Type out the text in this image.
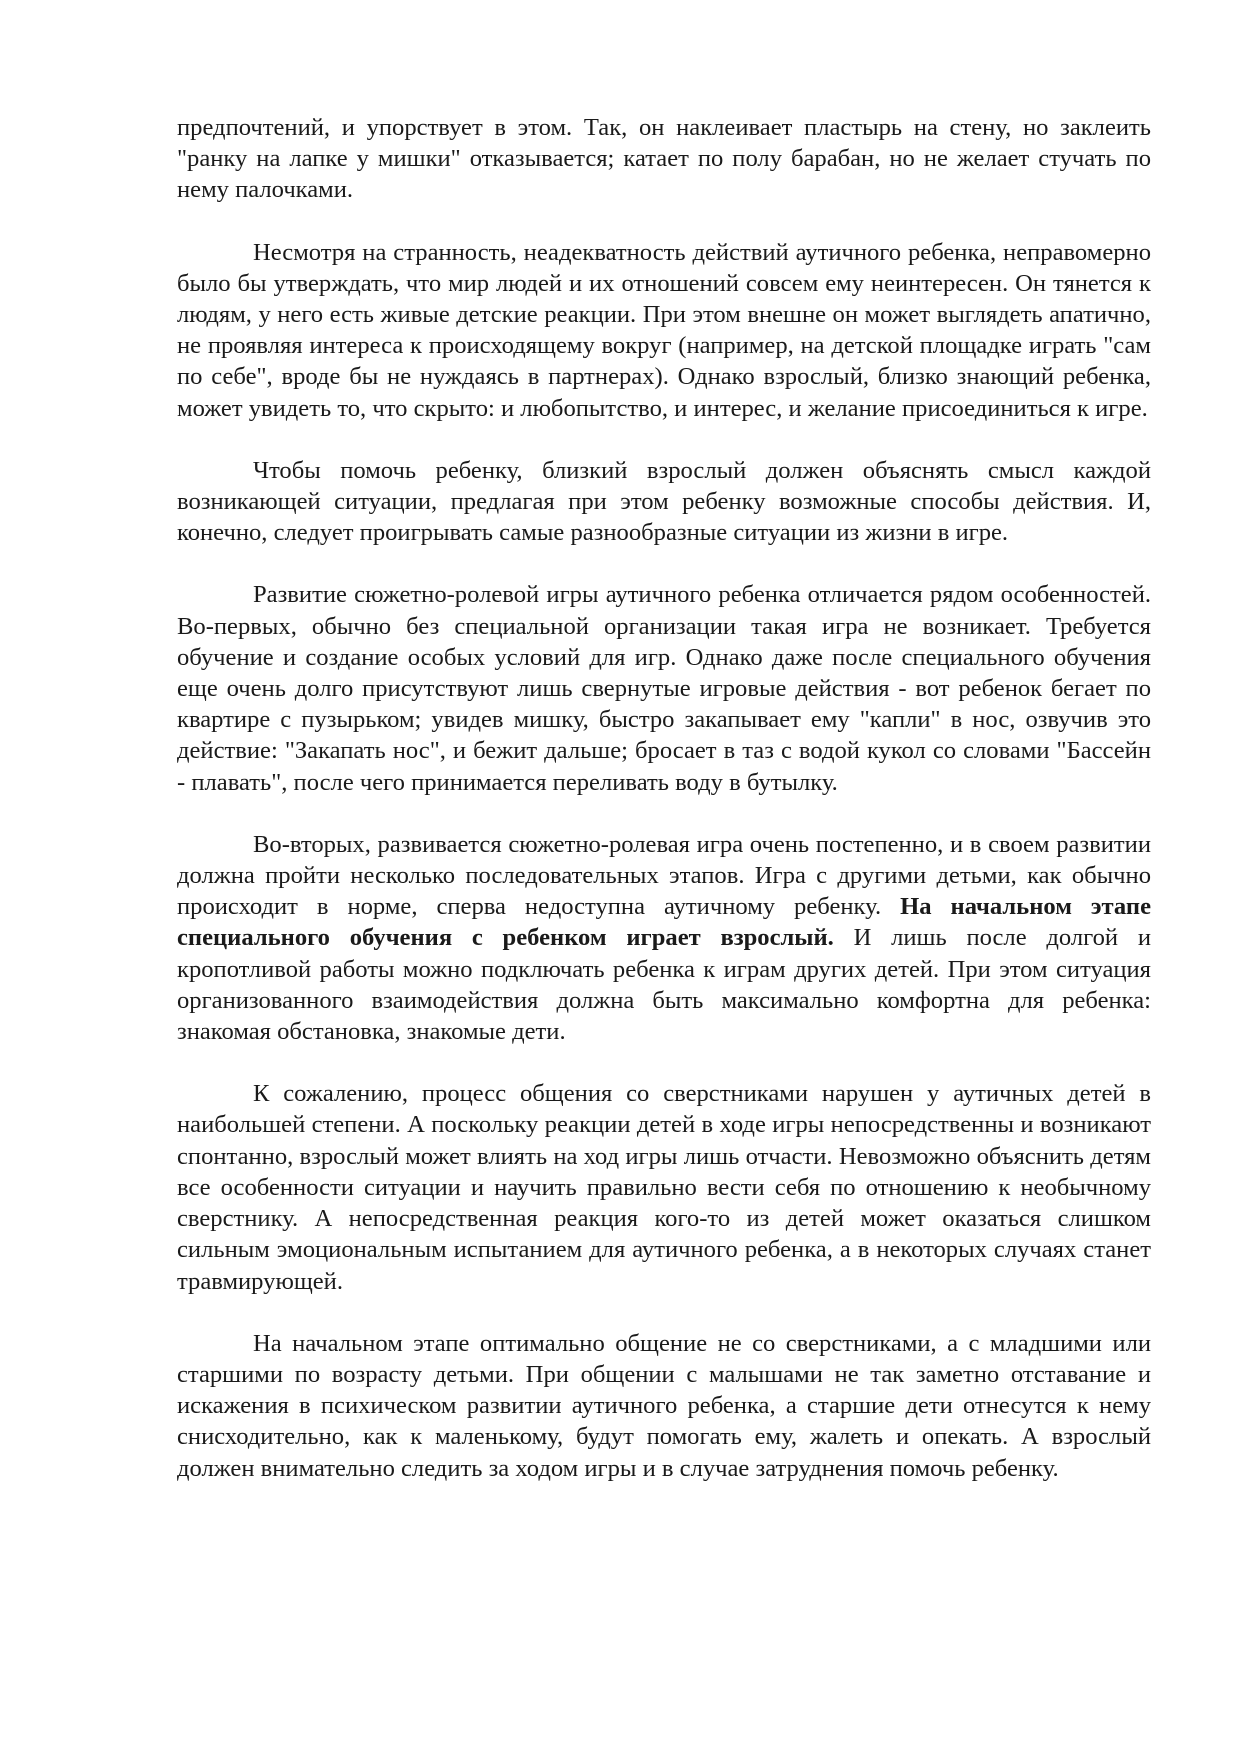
предпочтений, и упорствует в этом. Так, он наклеивает пластырь на стену, но заклеить "ранку на лапке у мишки" отказывается; катает по полу барабан, но не желает стучать по нему палочками.

Несмотря на странность, неадекватность действий аутичного ребенка, неправомерно было бы утверждать, что мир людей и их отношений совсем ему неинтересен. Он тянется к людям, у него есть живые детские реакции. При этом внешне он может выглядеть апатично, не проявляя интереса к происходящему вокруг (например, на детской площадке играть "сам по себе", вроде бы не нуждаясь в партнерах). Однако взрослый, близко знающий ребенка, может увидеть то, что скрыто: и любопытство, и интерес, и желание присоединиться к игре.

Чтобы помочь ребенку, близкий взрослый должен объяснять смысл каждой возникающей ситуации, предлагая при этом ребенку возможные способы действия. И, конечно, следует проигрывать самые разнообразные ситуации из жизни в игре.

Развитие сюжетно-ролевой игры аутичного ребенка отличается рядом особенностей. Во-первых, обычно без специальной организации такая игра не возникает. Требуется обучение и создание особых условий для игр. Однако даже после специального обучения еще очень долго присутствуют лишь свернутые игровые действия - вот ребенок бегает по квартире с пузырьком; увидев мишку, быстро закапывает ему "капли" в нос, озвучив это действие: "Закапать нос", и бежит дальше; бросает в таз с водой кукол со словами "Бассейн - плавать", после чего принимается переливать воду в бутылку.

Во-вторых, развивается сюжетно-ролевая игра очень постепенно, и в своем развитии должна пройти несколько последовательных этапов. Игра с другими детьми, как обычно происходит в норме, сперва недоступна аутичному ребенку. На начальном этапе специального обучения с ребенком играет взрослый. И лишь после долгой и кропотливой работы можно подключать ребенка к играм других детей. При этом ситуация организованного взаимодействия должна быть максимально комфортна для ребенка: знакомая обстановка, знакомые дети.

К сожалению, процесс общения со сверстниками нарушен у аутичных детей в наибольшей степени. А поскольку реакции детей в ходе игры непосредственны и возникают спонтанно, взрослый может влиять на ход игры лишь отчасти. Невозможно объяснить детям все особенности ситуации и научить правильно вести себя по отношению к необычному сверстнику. А непосредственная реакция кого-то из детей может оказаться слишком сильным эмоциональным испытанием для аутичного ребенка, а в некоторых случаях станет травмирующей.

На начальном этапе оптимально общение не со сверстниками, а с младшими или старшими по возрасту детьми. При общении с малышами не так заметно отставание и искажения в психическом развитии аутичного ребенка, а старшие дети отнесутся к нему снисходительно, как к маленькому, будут помогать ему, жалеть и опекать. А взрослый должен внимательно следить за ходом игры и в случае затруднения помочь ребенку.
